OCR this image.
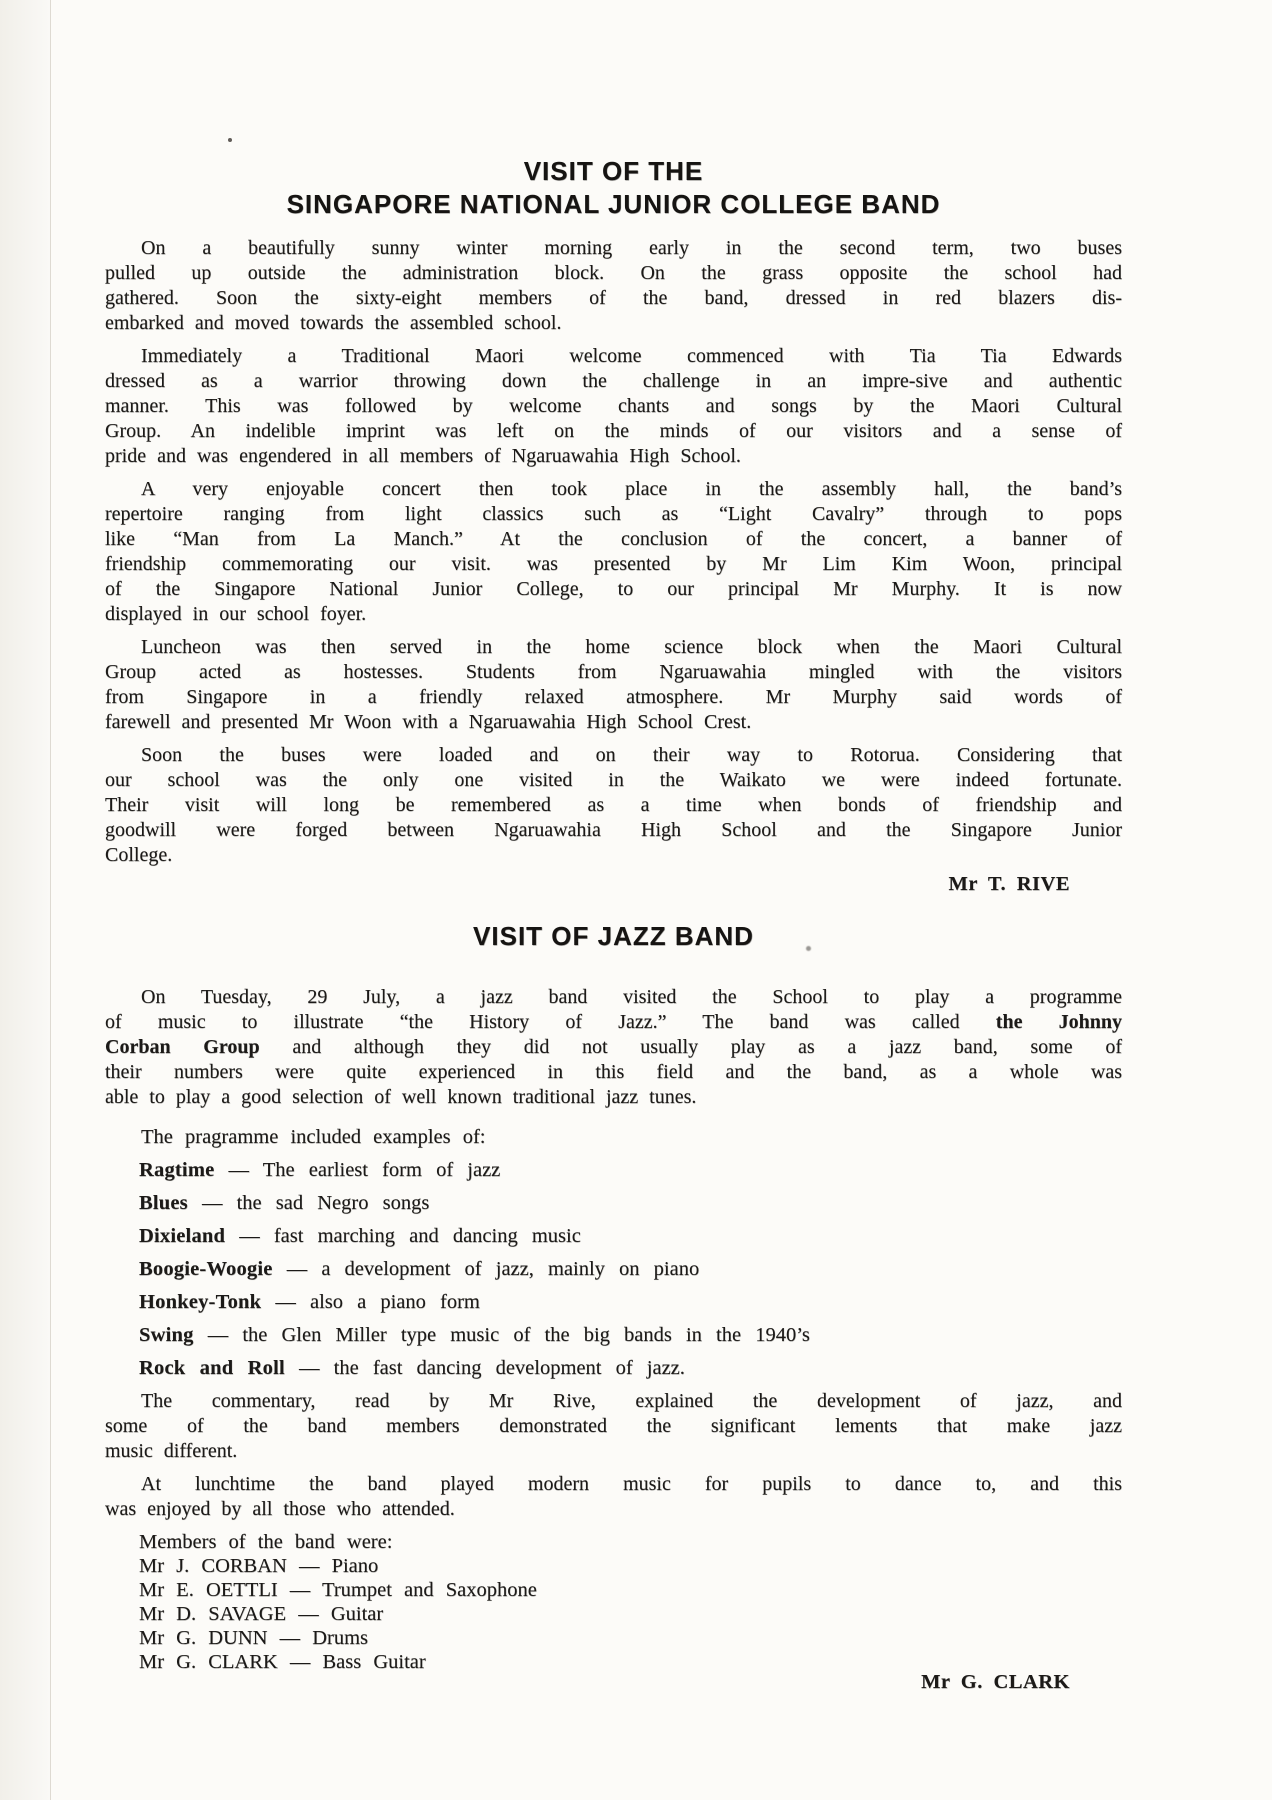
VISIT OF THE
SINGAPORE NATIONAL JUNIOR COLLEGE BAND
On a beautifully sunny winter morning early in the second term, two buses
pulled up outside the administration block. On the grass opposite the school had
gathered. Soon the sixty-eight members of the band, dressed in red blazers dis-
embarked and moved towards the assembled school.
Immediately a Traditional Maori welcome commenced with Tia Tia Edwards
dressed as a warrior throwing down the challenge in an impre-sive and authentic
manner. This was followed by welcome chants and songs by the Maori Cultural
Group. An indelible imprint was left on the minds of our visitors and a sense of
pride and was engendered in all members of Ngaruawahia High School.
A very enjoyable concert then took place in the assembly hall, the band’s
repertoire ranging from light classics such as “Light Cavalry” through to pops
like “Man from La Manch.” At the conclusion of the concert, a banner of
friendship commemorating our visit. was presented by Mr Lim Kim Woon, principal
of the Singapore National Junior College, to our principal Mr Murphy. It is now
displayed in our school foyer.
Luncheon was then served in the home science block when the Maori Cultural
Group acted as hostesses. Students from Ngaruawahia mingled with the visitors
from Singapore in a friendly relaxed atmosphere. Mr Murphy said words of
farewell and presented Mr Woon with a Ngaruawahia High School Crest.
Soon the buses were loaded and on their way to Rotorua. Considering that
our school was the only one visited in the Waikato we were indeed fortunate.
Their visit will long be remembered as a time when bonds of friendship and
goodwill were forged between Ngaruawahia High School and the Singapore Junior
College.
Mr T. RIVE
VISIT OF JAZZ BAND
On Tuesday, 29 July, a jazz band visited the School to play a programme
of music to illustrate “the History of Jazz.” The band was called the Johnny
Corban Group and although they did not usually play as a jazz band, some of
their numbers were quite experienced in this field and the band, as a whole was
able to play a good selection of well known traditional jazz tunes.
The pragramme included examples of:
Ragtime — The earliest form of jazz
Blues — the sad Negro songs
Dixieland — fast marching and dancing music
Boogie-Woogie — a development of jazz, mainly on piano
Honkey-Tonk — also a piano form
Swing — the Glen Miller type music of the big bands in the 1940’s
Rock and Roll — the fast dancing development of jazz.
The commentary, read by Mr Rive, explained the development of jazz, and
some of the band members demonstrated the significant lements that make jazz
music different.
At lunchtime the band played modern music for pupils to dance to, and this
was enjoyed by all those who attended.
Members of the band were:
Mr J. CORBAN — Piano
Mr E. OETTLI — Trumpet and Saxophone
Mr D. SAVAGE — Guitar
Mr G. DUNN — Drums
Mr G. CLARK — Bass Guitar
Mr G. CLARK
